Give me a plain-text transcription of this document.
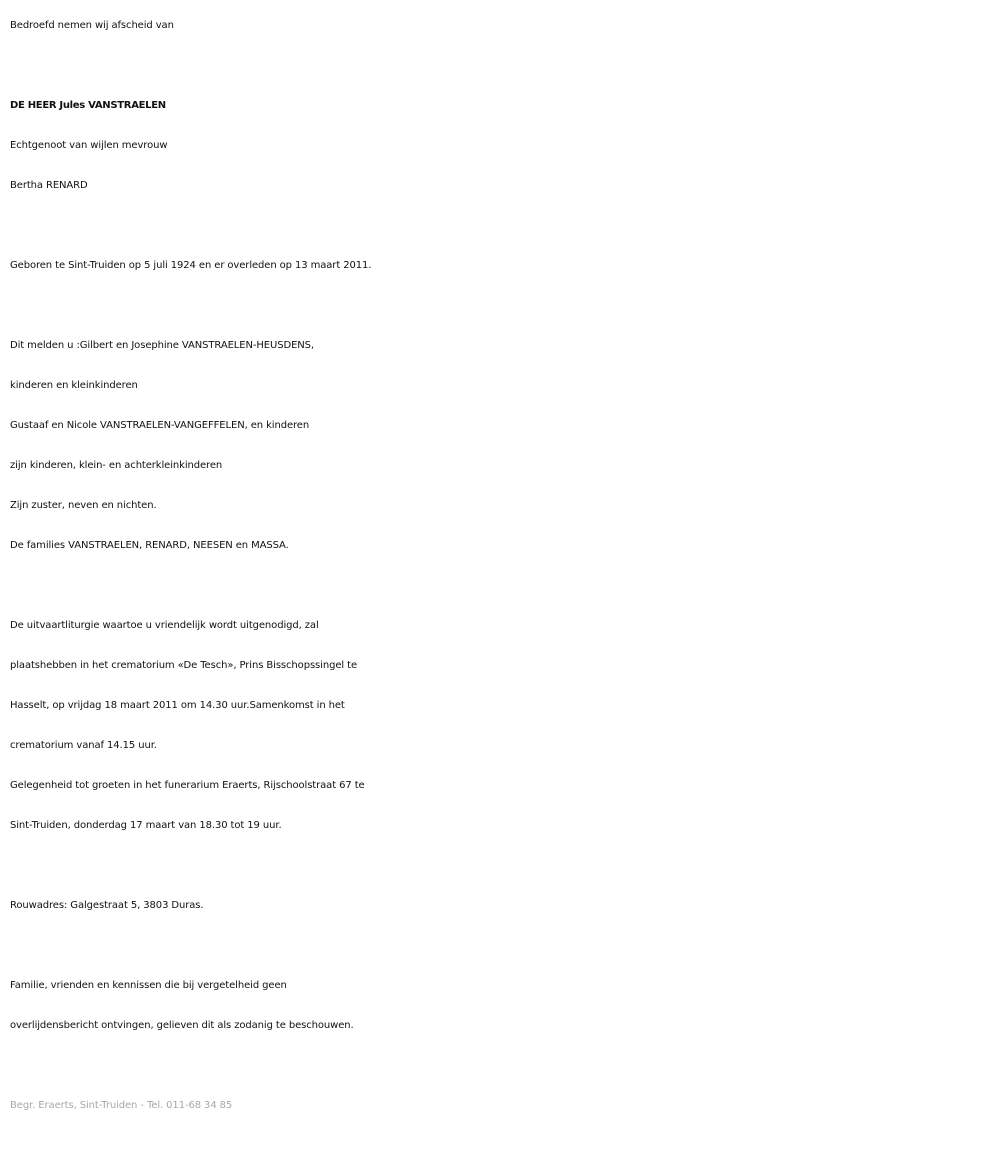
Bedroefd nemen wij afscheid van
DE HEER Jules VANSTRAELEN
Echtgenoot van wijlen mevrouw
Bertha RENARD
Geboren te Sint-Truiden op 5 juli 1924 en er overleden op 13 maart 2011.
Dit melden u :Gilbert en Josephine VANSTRAELEN-HEUSDENS,
kinderen en kleinkinderen
Gustaaf en Nicole VANSTRAELEN-VANGEFFELEN, en kinderen
zijn kinderen, klein- en achterkleinkinderen
Zijn zuster, neven en nichten.
De families VANSTRAELEN, RENARD, NEESEN en MASSA.
De uitvaartliturgie waartoe u vriendelijk wordt uitgenodigd, zal
plaatshebben in het crematorium «De Tesch», Prins Bisschopssingel te
Hasselt, op vrijdag 18 maart 2011 om 14.30 uur.Samenkomst in het
crematorium vanaf 14.15 uur.
Gelegenheid tot groeten in het funerarium Eraerts, Rijschoolstraat 67 te
Sint-Truiden, donderdag 17 maart van 18.30 tot 19 uur.
Rouwadres: Galgestraat 5, 3803 Duras.
Familie, vrienden en kennissen die bij vergetelheid geen
overlijdensbericht ontvingen, gelieven dit als zodanig te beschouwen.
Begr. Eraerts, Sint-Truiden - Tel. 011-68 34 85
